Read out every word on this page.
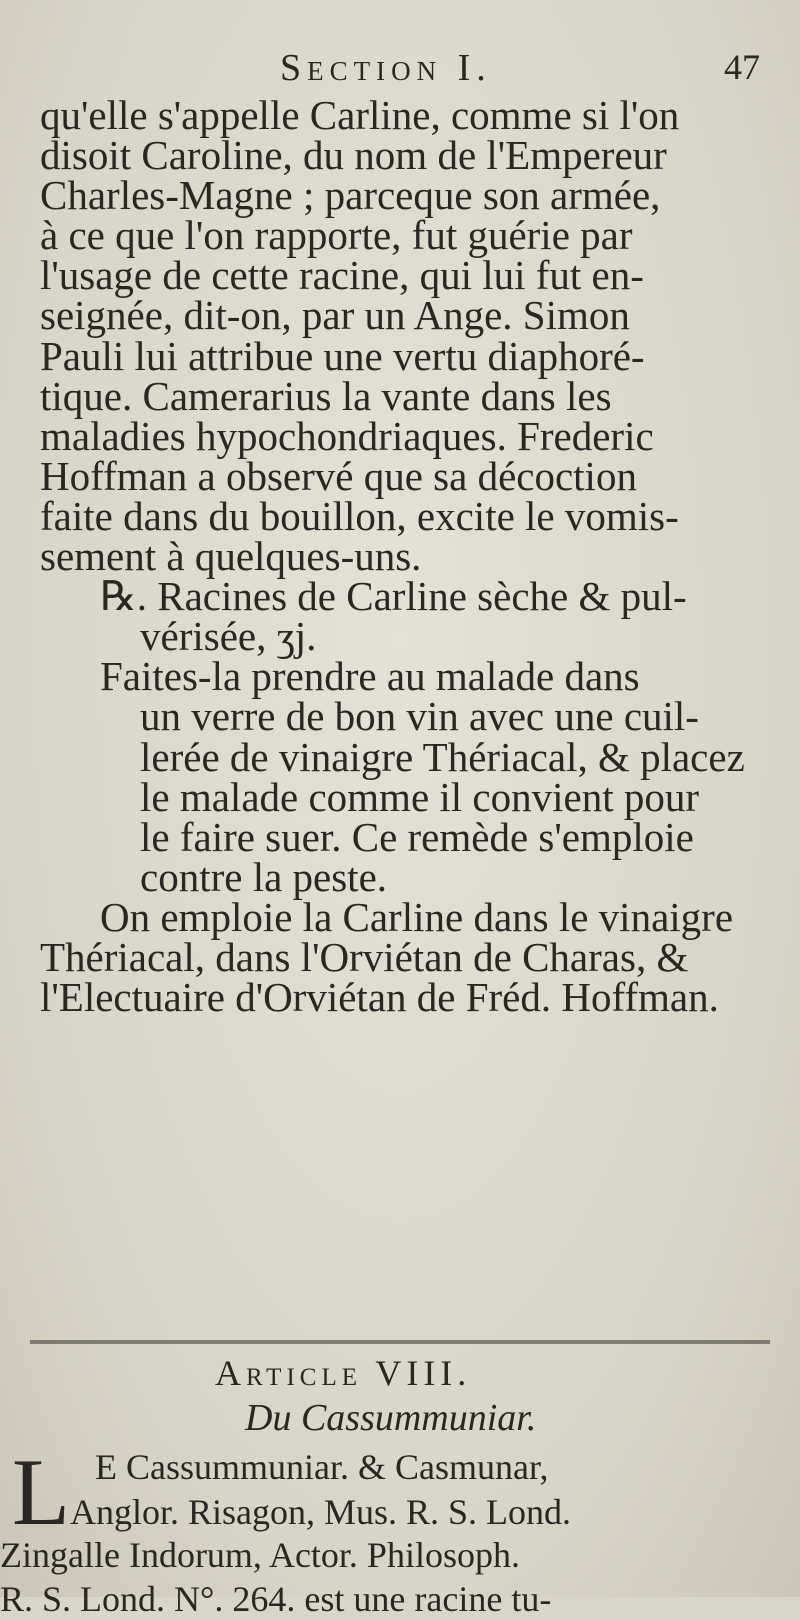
Section I.	47
qu'elle s'appelle Carline, comme si l'on
disoit Caroline, du nom de l'Empereur
Charles-Magne ; parceque son armée,
à ce que l'on rapporte, fut guérie par
l'usage de cette racine, qui lui fut en-
seignée, dit-on, par un Ange. Simon
Pauli lui attribue une vertu diaphoré-
tique. Camerarius la vante dans les
maladies hypochondriaques. Frederic
Hoffman a observé que sa décoction
faite dans du bouillon, excite le vomis-
sement à quelques-uns.
℞. Racines de Carline sèche & pul-
vérisée, ʒj.
Faites-la prendre au malade dans
un verre de bon vin avec une cuil-
lerée de vinaigre Thériacal, & placez
le malade comme il convient pour
le faire suer. Ce remède s'emploie
contre la peste.
On emploie la Carline dans le vinaigre
Thériacal, dans l'Orviétan de Charas, &
l'Electuaire d'Orviétan de Fréd. Hoffman.
Article VIII.
Du Cassummuniar.
L E Cassummuniar. & Casmunar,
Anglor. Risagon, Mus. R. S. Lond.
Zingalle Indorum, Actor. Philosoph.
R. S. Lond. N°. 264. est une racine tu-
